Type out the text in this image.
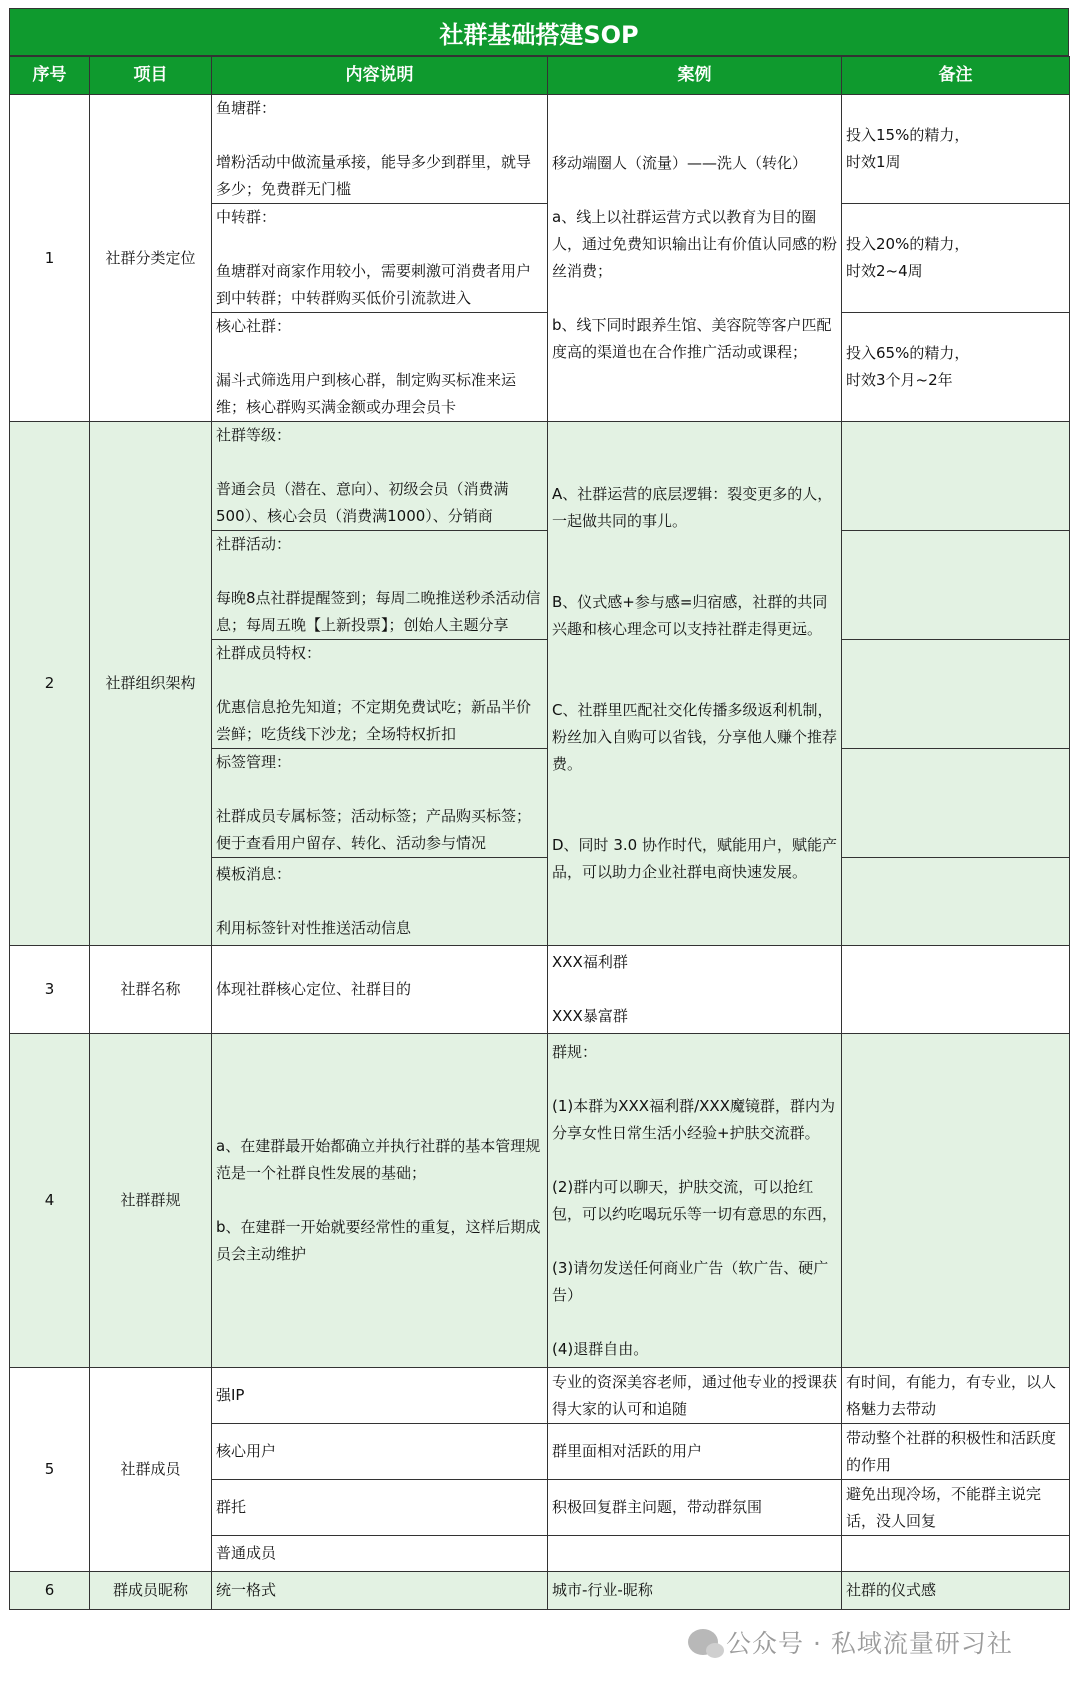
社群基础搭建SOP
序号	项目	内容说明	案例	备注
1	社群分类定位	鱼塘群：

增粉活动中做流量承接，能导多少到群里，就导多少；免费群无门槛	移动端圈人（流量）——洗人（转化）

a、线上以社群运营方式以教育为目的圈人，通过免费知识输出让有价值认同感的粉丝消费；

b、线下同时跟养生馆、美容院等客户匹配度高的渠道也在合作推广活动或课程；	投入15%的精力，
时效1周
		中转群：

鱼塘群对商家作用较小，需要刺激可消费者用户到中转群；中转群购买低价引流款进入		投入20%的精力，
时效2~4周
		核心社群：

漏斗式筛选用户到核心群，制定购买标准来运维；核心群购买满金额或办理会员卡		投入65%的精力，
时效3个月~2年
2	社群组织架构	社群等级：

普通会员（潜在、意向）、初级会员（消费满500）、核心会员（消费满1000）、分销商	A、社群运营的底层逻辑：裂变更多的人，一起做共同的事儿。

B、仪式感+参与感=归宿感，社群的共同兴趣和核心理念可以支持社群走得更远。

C、社群里匹配社交化传播多级返利机制，粉丝加入自购可以省钱，分享他人赚个推荐费。

D、同时 3.0 协作时代，赋能用户，赋能产品，可以助力企业社群电商快速发展。	
		社群活动：

每晚8点社群提醒签到；每周二晚推送秒杀活动信息；每周五晚【上新投票】；创始人主题分享		
		社群成员特权：

优惠信息抢先知道；不定期免费试吃；新品半价尝鲜；吃货线下沙龙；全场特权折扣		
		标签管理：

社群成员专属标签；活动标签；产品购买标签；便于查看用户留存、转化、活动参与情况		
		模板消息：

利用标签针对性推送活动信息		
3	社群名称	体现社群核心定位、社群目的	XXX福利群

XXX暴富群	
4	社群群规	a、在建群最开始都确立并执行社群的基本管理规范是一个社群良性发展的基础；

b、在建群一开始就要经常性的重复，这样后期成员会主动维护	群规：

(1)本群为XXX福利群/XXX魔镜群，群内为分享女性日常生活小经验+护肤交流群。

(2)群内可以聊天，护肤交流，可以抢红包，可以约吃喝玩乐等一切有意思的东西，

(3)请勿发送任何商业广告（软广告、硬广告）

(4)退群自由。	
5	社群成员	强IP	专业的资深美容老师，通过他专业的授课获得大家的认可和追随	有时间，有能力，有专业，以人格魅力去带动
		核心用户	群里面相对活跃的用户	带动整个社群的积极性和活跃度的作用
		群托	积极回复群主问题，带动群氛围	避免出现冷场，不能群主说完话，没人回复
		普通成员		
6	群成员昵称	统一格式	城市-行业-昵称	社群的仪式感
公众号 · 私域流量研习社
